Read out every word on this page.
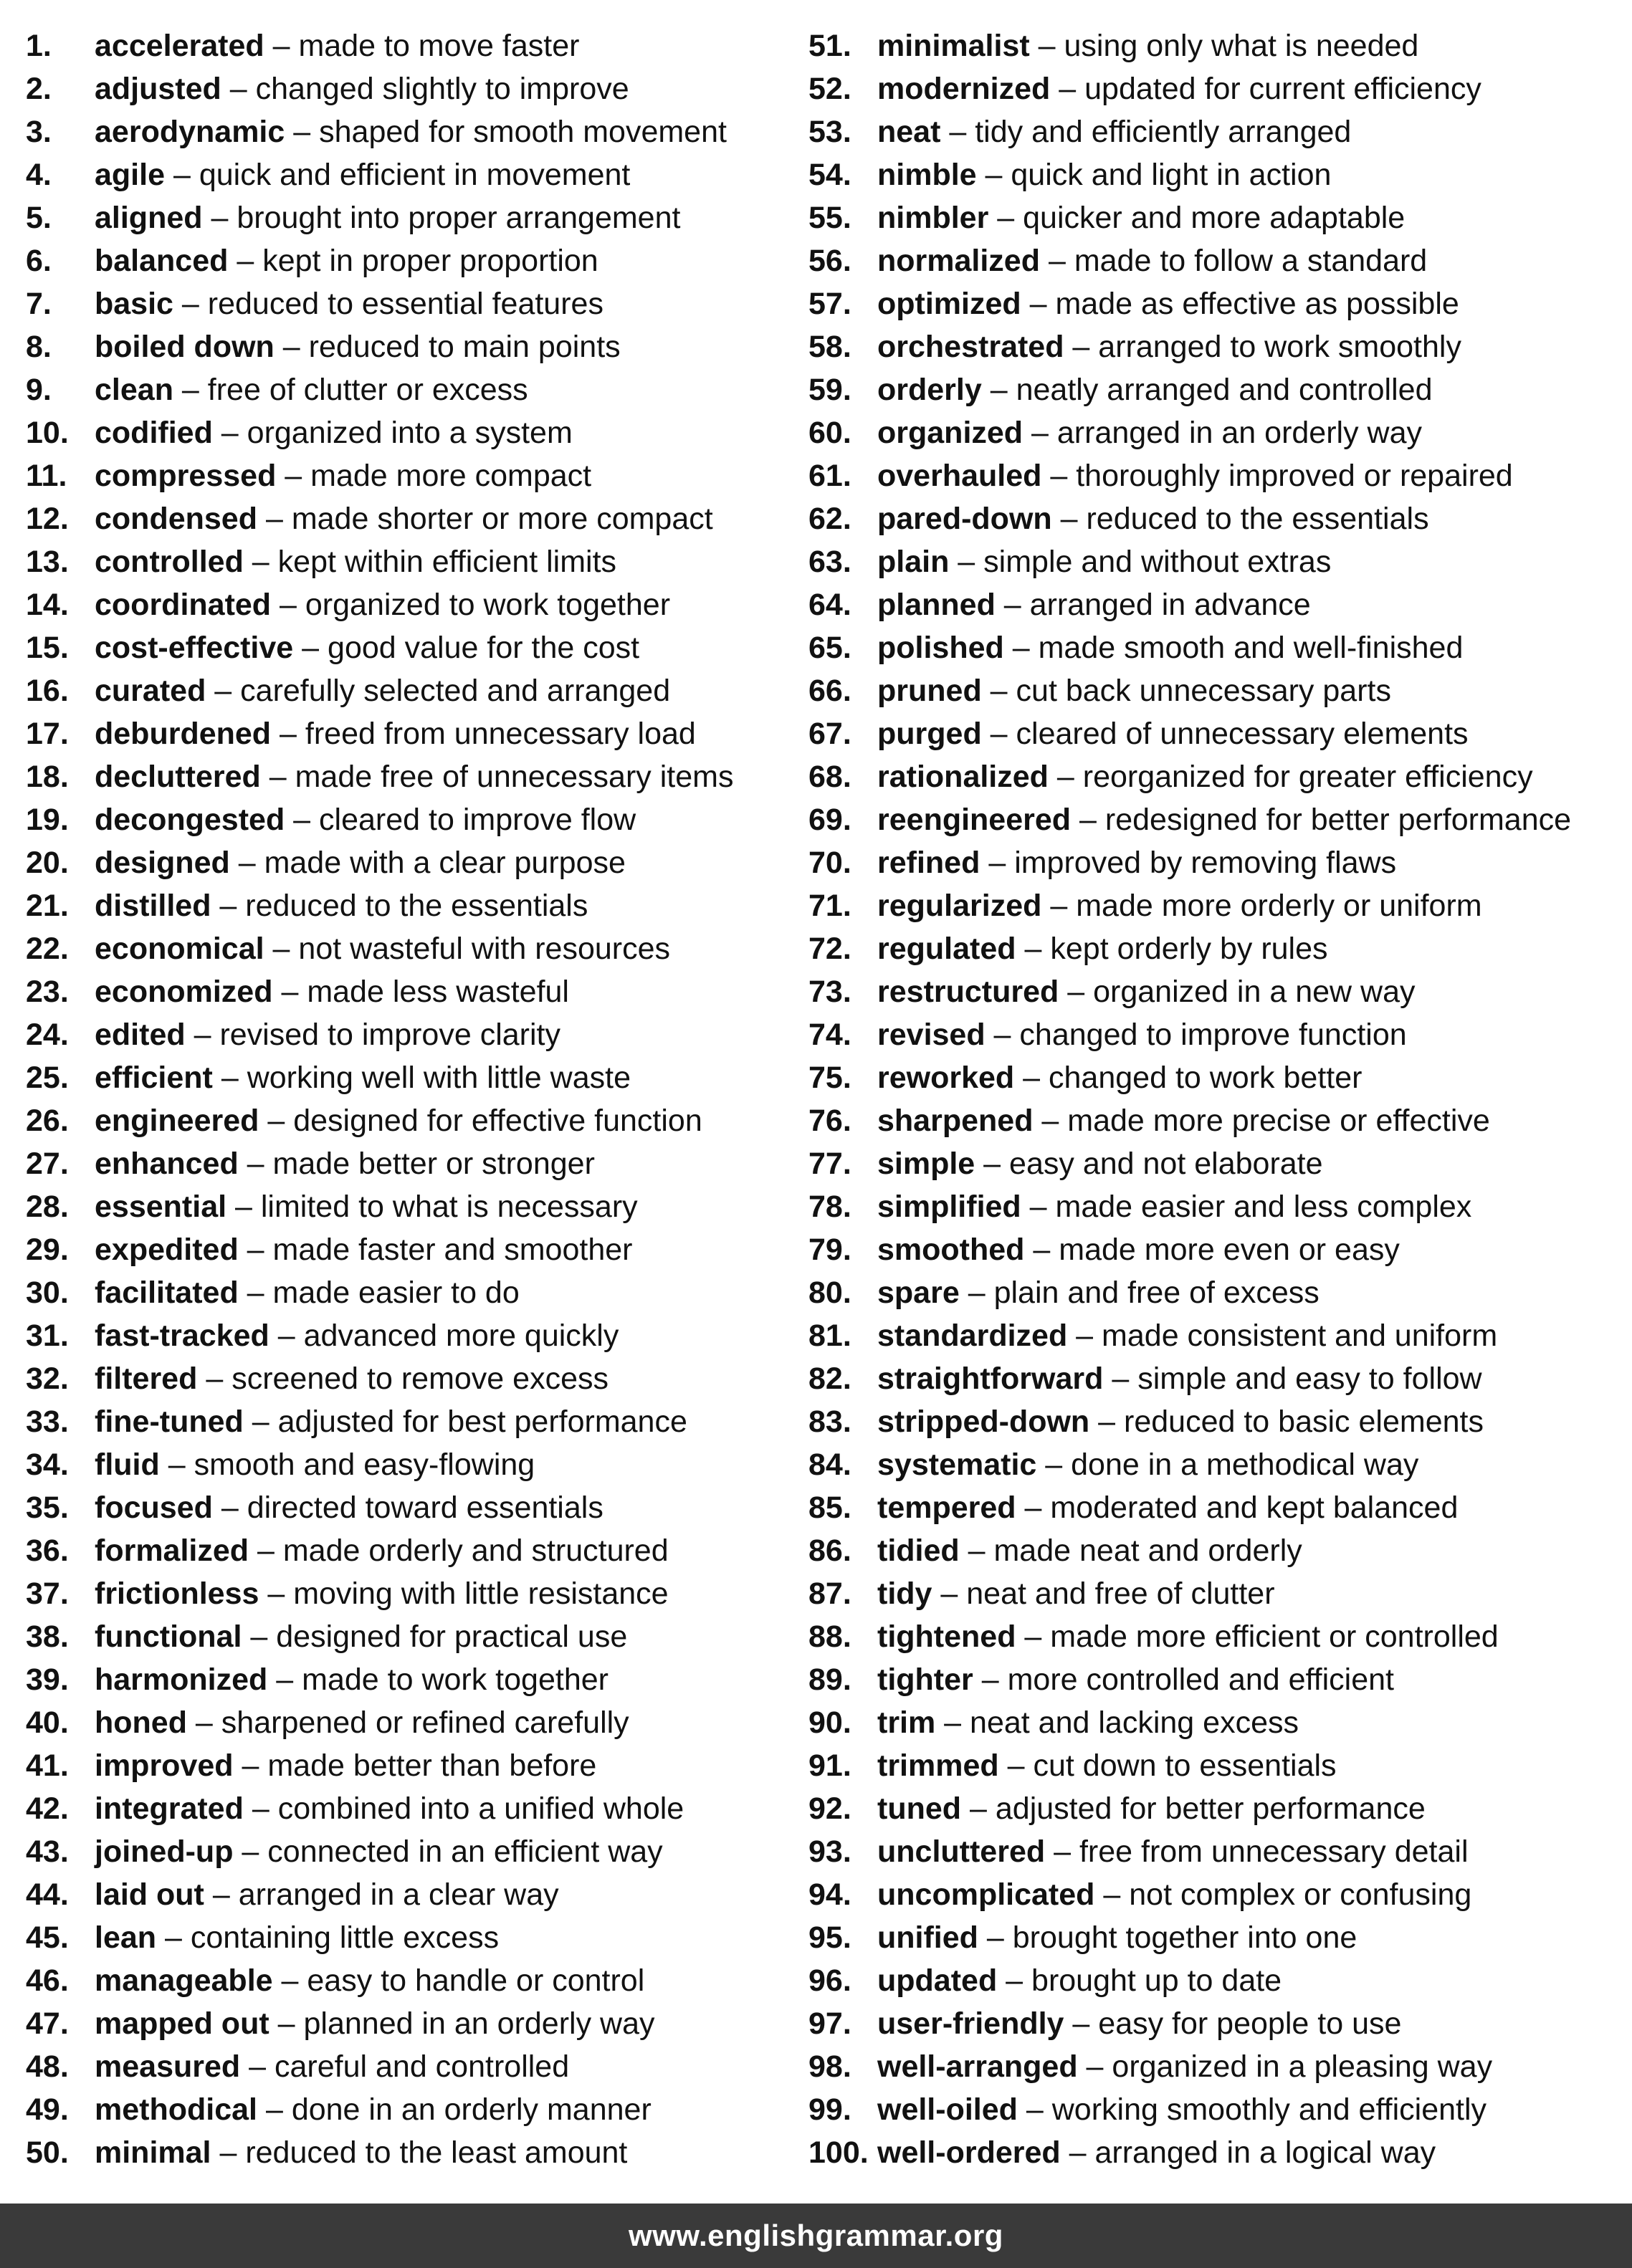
1.	accelerated – made to move faster
2.	adjusted – changed slightly to improve
3.	aerodynamic – shaped for smooth movement
4.	agile – quick and efficient in movement
5.	aligned – brought into proper arrangement
6.	balanced – kept in proper proportion
7.	basic – reduced to essential features
8.	boiled down – reduced to main points
9.	clean – free of clutter or excess
10. codified – organized into a system
11. compressed – made more compact
12. condensed – made shorter or more compact
13. controlled – kept within efficient limits
14. coordinated – organized to work together
15. cost-effective – good value for the cost
16. curated – carefully selected and arranged
17. deburdened – freed from unnecessary load
18. decluttered – made free of unnecessary items
19. decongested – cleared to improve flow
20. designed – made with a clear purpose
21. distilled – reduced to the essentials
22. economical – not wasteful with resources
23. economized – made less wasteful
24. edited – revised to improve clarity
25. efficient – working well with little waste
26. engineered – designed for effective function
27. enhanced – made better or stronger
28. essential – limited to what is necessary
29. expedited – made faster and smoother
30. facilitated – made easier to do
31. fast-tracked – advanced more quickly
32. filtered – screened to remove excess
33. fine-tuned – adjusted for best performance
34. fluid – smooth and easy-flowing
35. focused – directed toward essentials
36. formalized – made orderly and structured
37. frictionless – moving with little resistance
38. functional – designed for practical use
39. harmonized – made to work together
40. honed – sharpened or refined carefully
41. improved – made better than before
42. integrated – combined into a unified whole
43. joined-up – connected in an efficient way
44. laid out – arranged in a clear way
45. lean – containing little excess
46. manageable – easy to handle or control
47. mapped out – planned in an orderly way
48. measured – careful and controlled
49. methodical – done in an orderly manner
50. minimal – reduced to the least amount
51. minimalist – using only what is needed
52. modernized – updated for current efficiency
53. neat – tidy and efficiently arranged
54. nimble – quick and light in action
55. nimbler – quicker and more adaptable
56. normalized – made to follow a standard
57. optimized – made as effective as possible
58. orchestrated – arranged to work smoothly
59. orderly – neatly arranged and controlled
60. organized – arranged in an orderly way
61. overhauled – thoroughly improved or repaired
62. pared-down – reduced to the essentials
63. plain – simple and without extras
64. planned – arranged in advance
65. polished – made smooth and well-finished
66. pruned – cut back unnecessary parts
67. purged – cleared of unnecessary elements
68. rationalized – reorganized for greater efficiency
69. reengineered – redesigned for better performance
70. refined – improved by removing flaws
71. regularized – made more orderly or uniform
72. regulated – kept orderly by rules
73. restructured – organized in a new way
74. revised – changed to improve function
75. reworked – changed to work better
76. sharpened – made more precise or effective
77. simple – easy and not elaborate
78. simplified – made easier and less complex
79. smoothed – made more even or easy
80. spare – plain and free of excess
81. standardized – made consistent and uniform
82. straightforward – simple and easy to follow
83. stripped-down – reduced to basic elements
84. systematic – done in a methodical way
85. tempered – moderated and kept balanced
86. tidied – made neat and orderly
87. tidy – neat and free of clutter
88. tightened – made more efficient or controlled
89. tighter – more controlled and efficient
90. trim – neat and lacking excess
91. trimmed – cut down to essentials
92. tuned – adjusted for better performance
93. uncluttered – free from unnecessary detail
94. uncomplicated – not complex or confusing
95. unified – brought together into one
96. updated – brought up to date
97. user-friendly – easy for people to use
98. well-arranged – organized in a pleasing way
99. well-oiled – working smoothly and efficiently
100. well-ordered – arranged in a logical way
www.englishgrammar.org
